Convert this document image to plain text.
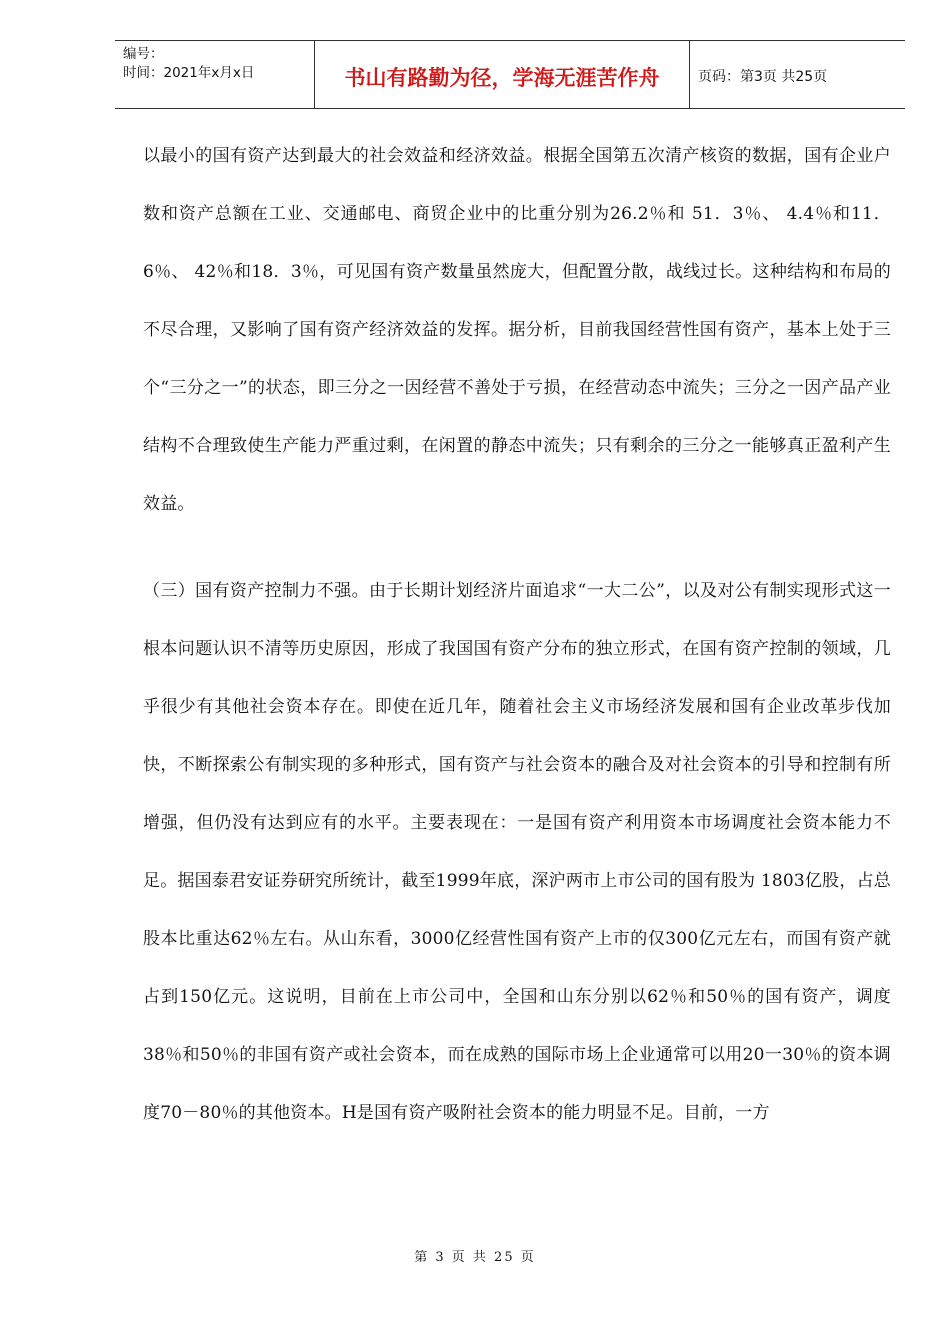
编号：
时间：2021年x月x日	书山有路勤为径，学海无涯苦作舟	页码：第3页 共25页

以最小的国有资产达到最大的社会效益和经济效益。根据全国第五次清产核资的数据，国有企业户数和资产总额在工业、交通邮电、商贸企业中的比重分别为26.2％和 51．3％、 4.4％和11． 6％、 42％和18．3％，可见国有资产数量虽然庞大，但配置分散，战线过长。这种结构和布局的不尽合理，又影响了国有资产经济效益的发挥。据分析，目前我国经营性国有资产，基本上处于三个“三分之一”的状态，即三分之一因经营不善处于亏损，在经营动态中流失；三分之一因产品产业结构不合理致使生产能力严重过剩，在闲置的静态中流失；只有剩余的三分之一能够真正盈利产生效益。

（三）国有资产控制力不强。由于长期计划经济片面追求“一大二公”，以及对公有制实现形式这一根本问题认识不清等历史原因，形成了我国国有资产分布的独立形式，在国有资产控制的领域，几乎很少有其他社会资本存在。即使在近几年，随着社会主义市场经济发展和国有企业改革步伐加快，不断探索公有制实现的多种形式，国有资产与社会资本的融合及对社会资本的引导和控制有所增强，但仍没有达到应有的水平。主要表现在：一是国有资产利用资本市场调度社会资本能力不足。据国泰君安证券研究所统计，截至1999年底，深沪两市上市公司的国有股为 1803亿股，占总股本比重达62％左右。从山东看，3000亿经营性国有资产上市的仅300亿元左右，而国有资产就占到150亿元。这说明，目前在上市公司中，全国和山东分别以62％和50％的国有资产，调度38％和50％的非国有资产或社会资本，而在成熟的国际市场上企业通常可以用20一30％的资本调度70－80％的其他资本。H是国有资产吸附社会资本的能力明显不足。目前，一方

第 3 页 共 25 页
